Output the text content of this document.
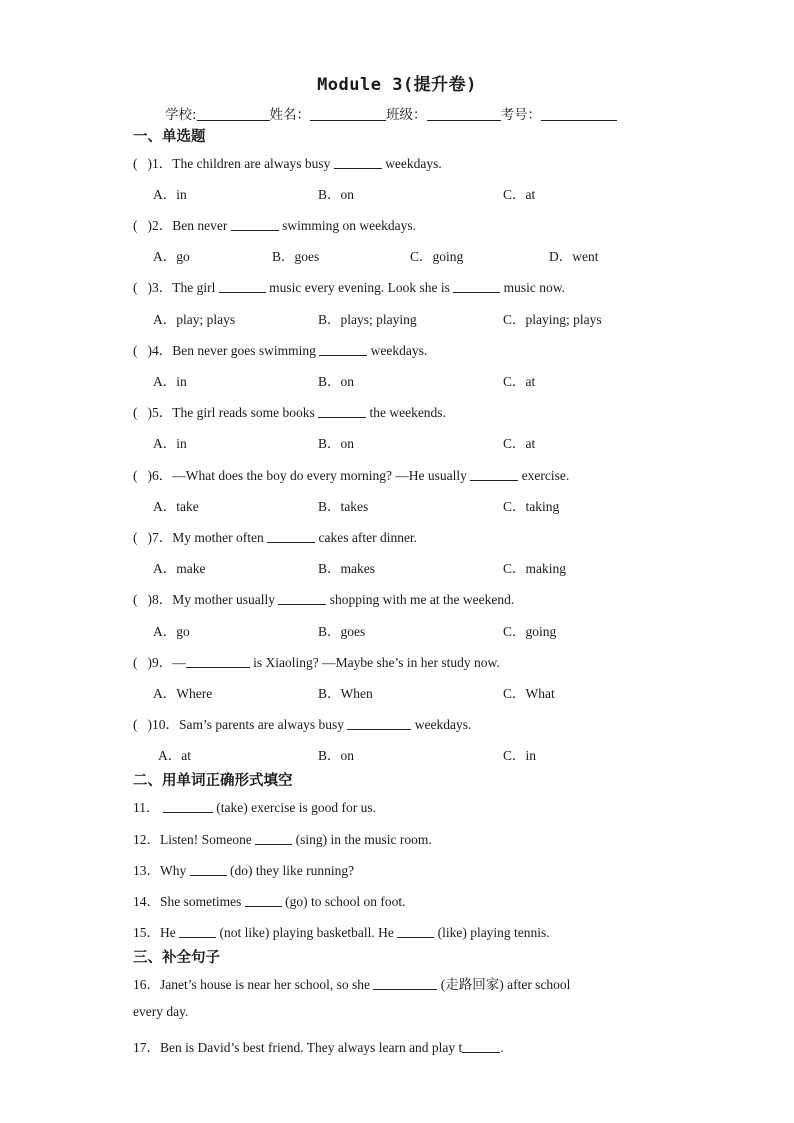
Module 3(提升卷)
学校:	姓名：	班级：	考号：
一、单选题
( )1．The children are always busy	weekdays.
A．in	B．on	C．at
( )2．Ben never	swimming on weekdays.
A．go	B．goes	C．going	D．went
( )3．The girl	music every evening. Look she is	music now.
A．play; plays	B．plays; playing	C．playing; plays
( )4．Ben never goes swimming	weekdays.
A．in	B．on	C．at
( )5．The girl reads some books	the weekends.
A．in	B．on	C．at
( )6．—What does the boy do every morning? —He usually	exercise.
A．take	B．takes	C．taking
( )7．My mother often	cakes after dinner.
A．make	B．makes	C．making
( )8．My mother usually	shopping with me at the weekend.
A．go	B．goes	C．going
( )9．—	is Xiaoling? —Maybe she’s in her study now.
A．Where	B．When	C．What
( )10．Sam’s parents are always busy	weekdays.
A．at	B．on	C．in
二、用单词正确形式填空
11．	(take) exercise is good for us.
12．Listen! Someone	(sing) in the music room.
13．Why	(do) they like running?
14．She sometimes	(go) to school on foot.
15．He	(not like) playing basketball. He	(like) playing tennis.
三、补全句子
16．Janet’s house is near her school, so she	(走路回家) after school
every day.
17．Ben is David’s best friend. They always learn and play t	.
